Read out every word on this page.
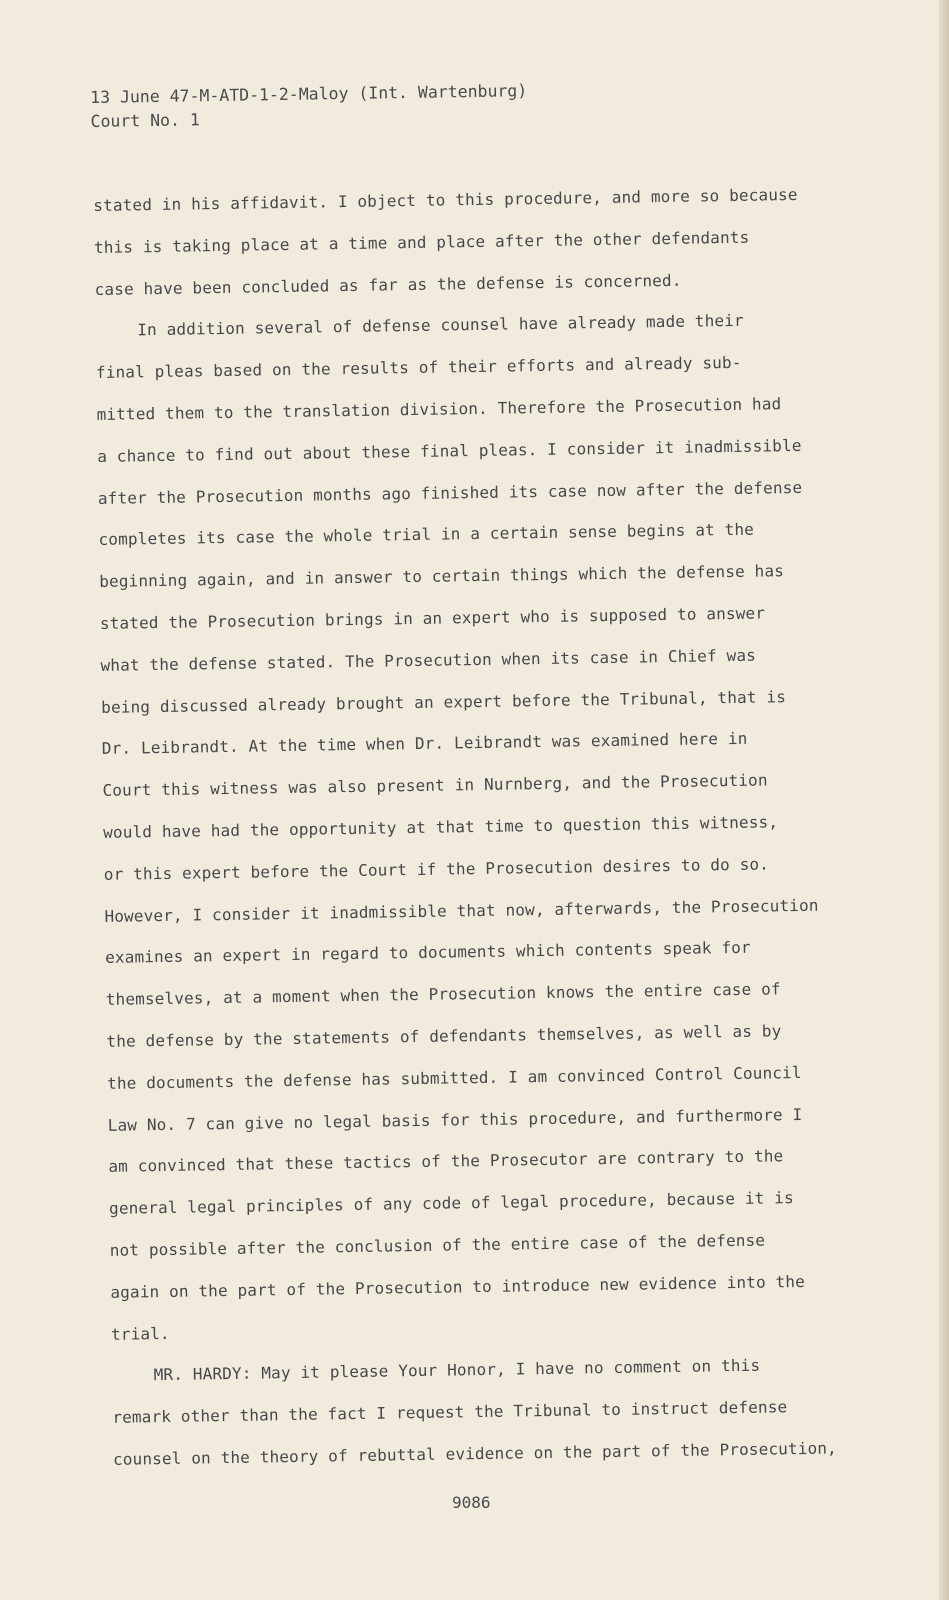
13 June 47-M-ATD-1-2-Maloy (Int. Wartenburg)
Court No. 1
stated in his affidavit. I object to this procedure, and more so because
this is taking place at a time and place after the other defendants
case have been concluded as far as the defense is concerned.
In addition several of defense counsel have already made their
final pleas based on the results of their efforts and already sub-
mitted them to the translation division. Therefore the Prosecution had
a chance to find out about these final pleas. I consider it inadmissible
after the Prosecution months ago finished its case now after the defense
completes its case the whole trial in a certain sense begins at the
beginning again, and in answer to certain things which the defense has
stated the Prosecution brings in an expert who is supposed to answer
what the defense stated. The Prosecution when its case in Chief was
being discussed already brought an expert before the Tribunal, that is
Dr. Leibrandt. At the time when Dr. Leibrandt was examined here in
Court this witness was also present in Nurnberg, and the Prosecution
would have had the opportunity at that time to question this witness,
or this expert before the Court if the Prosecution desires to do so.
However, I consider it inadmissible that now, afterwards, the Prosecution
examines an expert in regard to documents which contents speak for
themselves, at a moment when the Prosecution knows the entire case of
the defense by the statements of defendants themselves, as well as by
the documents the defense has submitted. I am convinced Control Council
Law No. 7 can give no legal basis for this procedure, and furthermore I
am convinced that these tactics of the Prosecutor are contrary to the
general legal principles of any code of legal procedure, because it is
not possible after the conclusion of the entire case of the defense
again on the part of the Prosecution to introduce new evidence into the
trial.
MR. HARDY: May it please Your Honor, I have no comment on this
remark other than the fact I request the Tribunal to instruct defense
counsel on the theory of rebuttal evidence on the part of the Prosecution,
9086
